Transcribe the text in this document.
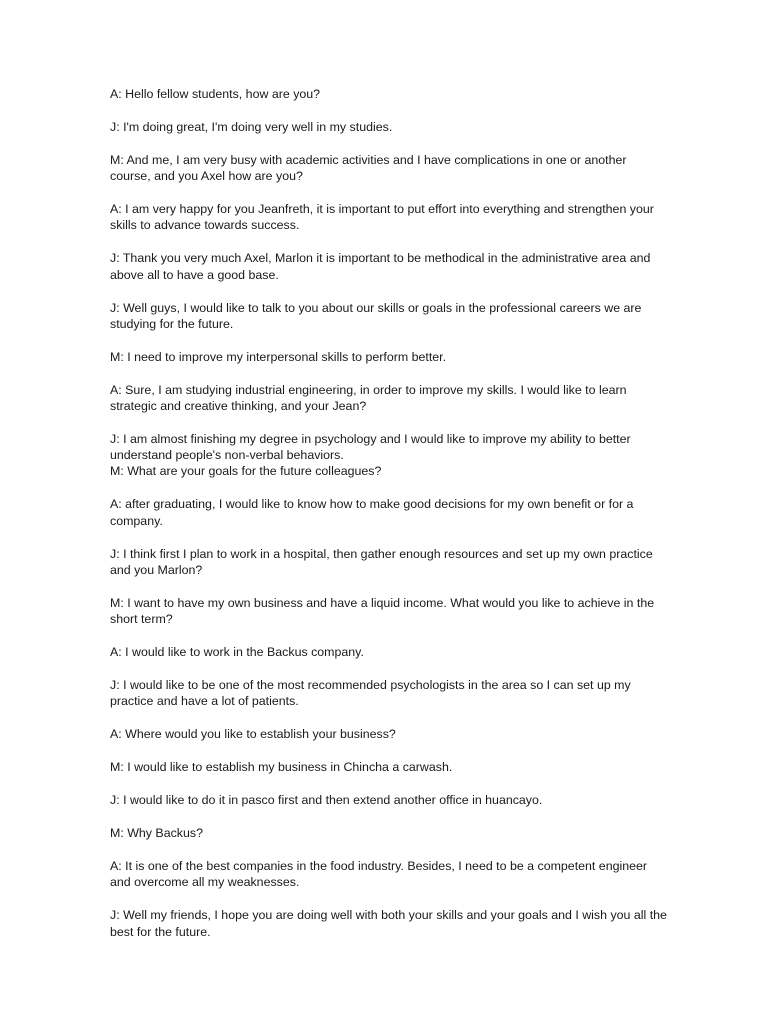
A: Hello fellow students, how are you?

J: I'm doing great, I'm doing very well in my studies.

M: And me, I am very busy with academic activities and I have complications in one or another course, and you Axel how are you?

A: I am very happy for you Jeanfreth, it is important to put effort into everything and strengthen your skills to advance towards success.

J: Thank you very much Axel, Marlon it is important to be methodical in the administrative area and above all to have a good base.

J: Well guys, I would like to talk to you about our skills or goals in the professional careers we are studying for the future.

M: I need to improve my interpersonal skills to perform better.

A: Sure, I am studying industrial engineering, in order to improve my skills. I would like to learn strategic and creative thinking, and your Jean?

J: I am almost finishing my degree in psychology and I would like to improve my ability to better understand people's non-verbal behaviors.

M: What are your goals for the future colleagues?

A: after graduating, I would like to know how to make good decisions for my own benefit or for a company.

J: I think first I plan to work in a hospital, then gather enough resources and set up my own practice and you Marlon?

M: I want to have my own business and have a liquid income. What would you like to achieve in the short term?

A: I would like to work in the Backus company.

J: I would like to be one of the most recommended psychologists in the area so I can set up my practice and have a lot of patients.

A: Where would you like to establish your business?

M: I would like to establish my business in Chincha a carwash.

J: I would like to do it in pasco first and then extend another office in huancayo.

M: Why Backus?

A: It is one of the best companies in the food industry. Besides, I need to be a competent engineer and overcome all my weaknesses.

J: Well my friends, I hope you are doing well with both your skills and your goals and I wish you all the best for the future.
